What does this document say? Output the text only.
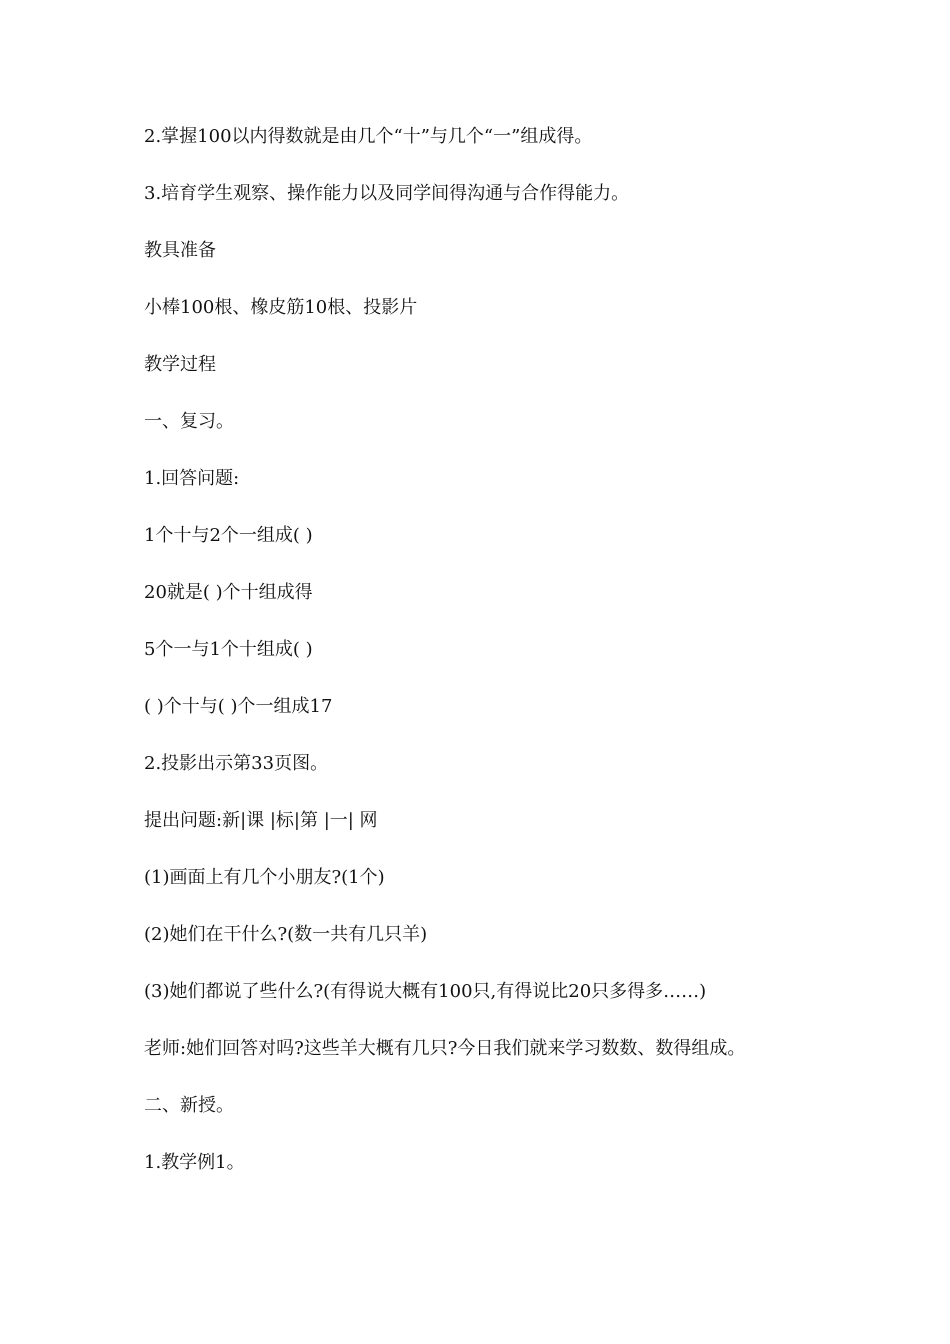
2.掌握100以内得数就是由几个“十”与几个“一”组成得。
3.培育学生观察、操作能力以及同学间得沟通与合作得能力。
教具准备
小棒100根、橡皮筋10根、投影片
教学过程
一、复习。
1.回答问题:
1个十与2个一组成( )
20就是( )个十组成得
5个一与1个十组成( )
( )个十与( )个一组成17
2.投影出示第33页图。
提出问题:新|课 |标|第 |一| 网
(1)画面上有几个小朋友?(1个)
(2)她们在干什么?(数一共有几只羊)
(3)她们都说了些什么?(有得说大概有100只,有得说比20只多得多……)
老师:她们回答对吗?这些羊大概有几只?今日我们就来学习数数、数得组成。
二、新授。
1.教学例1。
